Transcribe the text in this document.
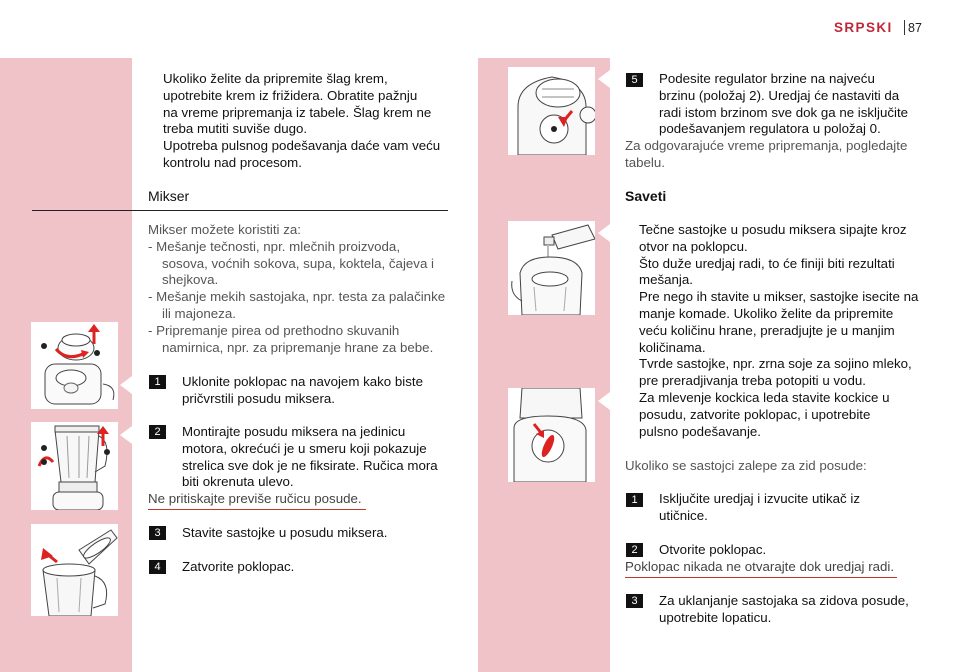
SRPSKI 87
Ukoliko želite da pripremite šlag krem,
upotrebite krem iz frižidera. Obratite pažnju
na vreme pripremanja iz tabele. Šlag krem ne
treba mutiti suviše dugo.
Upotreba pulsnog podešavanja daće vam veću
kontrolu nad procesom.
Mikser
Mikser možete koristiti za:
- Mešanje tečnosti, npr. mlečnih proizvoda,
sosova, voćnih sokova, supa, koktela, čajeva i
shejkova.
- Mešanje mekih sastojaka, npr. testa za palačinke
ili majoneza.
- Pripremanje pirea od prethodno skuvanih
namirnica, npr. za pripremanje hrane za bebe.
1	Uklonite poklopac na navojem kako biste
pričvrstili posudu miksera.
2	Montirajte posudu miksera na jedinicu
motora, okrećući je u smeru koji pokazuje
strelica sve dok je ne fiksirate. Ručica mora
biti okrenuta ulevo.
Ne pritiskajte previše ručicu posude.
3	Stavite sastojke u posudu miksera.
4	Zatvorite poklopac.
5	Podesite regulator brzine na najveću
brzinu (položaj 2). Uredjaj će nastaviti da
radi istom brzinom sve dok ga ne isključite
podešavanjem regulatora u položaj 0.
Za odgovarajuće vreme pripremanja, pogledajte
tabelu.
Saveti
Tečne sastojke u posudu miksera sipajte kroz
otvor na poklopcu.
Što duže uredjaj radi, to će finiji biti rezultati
mešanja.
Pre nego ih stavite u mikser, sastojke isecite na
manje komade. Ukoliko želite da pripremite
veću količinu hrane, preradjujte je u manjim
količinama.
Tvrde sastojke, npr. zrna soje za sojino mleko,
pre preradjivanja treba potopiti u vodu.
Za mlevenje kockica leda stavite kockice u
posudu, zatvorite poklopac, i upotrebite
pulsno podešavanje.
Ukoliko se sastojci zalepe za zid posude:
1	Isključite uredjaj i izvucite utikač iz
utičnice.
2	Otvorite poklopac.
Poklopac nikada ne otvarajte dok uredjaj radi.
3	Za uklanjanje sastojaka sa zidova posude,
upotrebite lopaticu.
